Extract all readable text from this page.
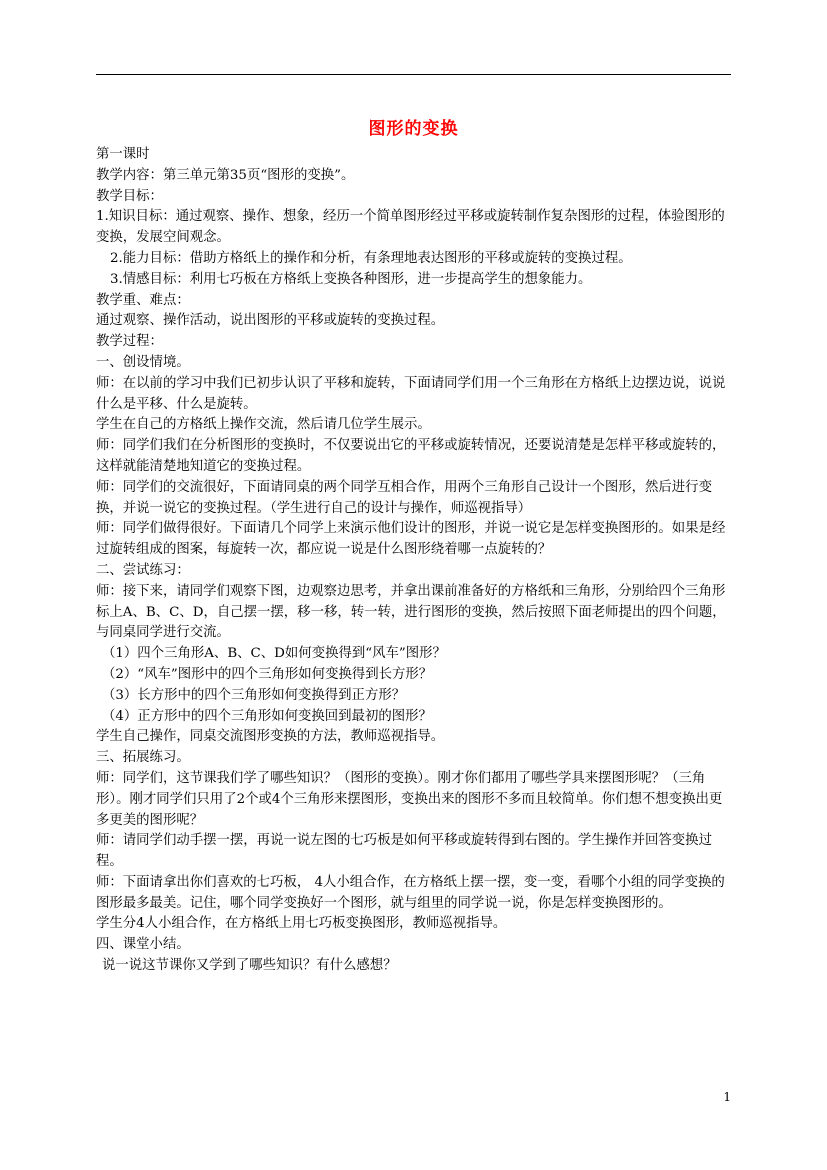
图形的变换

第一课时

教学内容：第三单元第35页“图形的变换”。

教学目标：

1.知识目标：通过观察、操作、想象，经历一个简单图形经过平移或旋转制作复杂图形的过程，体验图形的变换，发展空间观念。

2.能力目标：借助方格纸上的操作和分析，有条理地表达图形的平移或旋转的变换过程。

3.情感目标：利用七巧板在方格纸上变换各种图形，进一步提高学生的想象能力。

教学重、难点：

通过观察、操作活动，说出图形的平移或旋转的变换过程。

教学过程：

一、创设情境。

师：在以前的学习中我们已初步认识了平移和旋转，下面请同学们用一个三角形在方格纸上边摆边说，说说什么是平移、什么是旋转。

学生在自己的方格纸上操作交流，然后请几位学生展示。

师：同学们我们在分析图形的变换时，不仅要说出它的平移或旋转情况，还要说清楚是怎样平移或旋转的，这样就能清楚地知道它的变换过程。

师：同学们的交流很好，下面请同桌的两个同学互相合作，用两个三角形自己设计一个图形，然后进行变换，并说一说它的变换过程。（学生进行自己的设计与操作，师巡视指导）

师：同学们做得很好。下面请几个同学上来演示他们设计的图形，并说一说它是怎样变换图形的。如果是经过旋转组成的图案，每旋转一次，都应说一说是什么图形绕着哪一点旋转的？

二、尝试练习：

师：接下来，请同学们观察下图，边观察边思考，并拿出课前准备好的方格纸和三角形，分别给四个三角形标上A、B、C、D，自己摆一摆，移一移，转一转，进行图形的变换，然后按照下面老师提出的四个问题，与同桌同学进行交流。

（1）四个三角形A、B、C、D如何变换得到“风车”图形？

（2）“风车”图形中的四个三角形如何变换得到长方形？

（3）长方形中的四个三角形如何变换得到正方形？

（4）正方形中的四个三角形如何变换回到最初的图形？

学生自己操作，同桌交流图形变换的方法，教师巡视指导。

三、拓展练习。

师：同学们，这节课我们学了哪些知识？（图形的变换）。刚才你们都用了哪些学具来摆图形呢？（三角形）。刚才同学们只用了2个或4个三角形来摆图形，变换出来的图形不多而且较简单。你们想不想变换出更多更美的图形呢？

师：请同学们动手摆一摆，再说一说左图的七巧板是如何平移或旋转得到右图的。学生操作并回答变换过程。

师：下面请拿出你们喜欢的七巧板， 4人小组合作，在方格纸上摆一摆，变一变，看哪个小组的同学变换的图形最多最美。记住，哪个同学变换好一个图形，就与组里的同学说一说，你是怎样变换图形的。

学生分4人小组合作，在方格纸上用七巧板变换图形，教师巡视指导。

四、课堂小结。

说一说这节课你又学到了哪些知识？有什么感想？

1
